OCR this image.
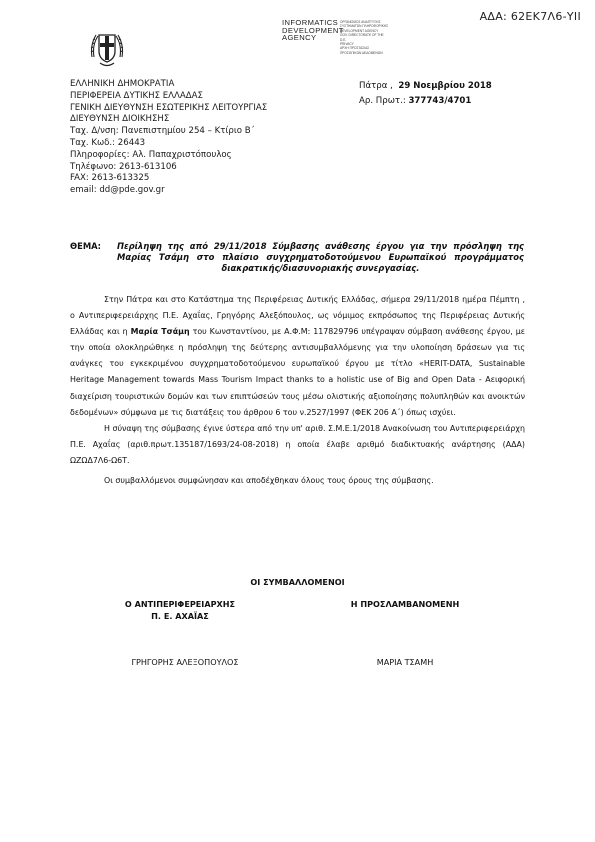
ΑΔΑ: 62ΕΚ7Λ6-ΥΙΙ
INFORMATICS
DEVELOPMENT
AGENCY
ΟΡΓΑΝΙΣΜΟΣ ΑΝΑΠΤΥΞΗΣ
ΣΥΣΤΗΜΑΤΩΝ ΠΛΗΡΟΦΟΡΙΚΗΣ
DEVELOPMENT AGENCY
GOV. DIRECTORATE OF THE
D.E.
PRIVACY
ΑΡΧΗ ΠΡΟΣΤΑΣΙΑΣ
ΠΡΟΣΩΠΙΚΩΝ ΔΕΔΟΜΕΝΩΝ
ΕΛΛΗΝΙΚΗ ΔΗΜΟΚΡΑΤΙΑ
ΠΕΡΙΦΕΡΕΙΑ ΔΥΤΙΚΗΣ ΕΛΛΑΔΑΣ
ΓΕΝΙΚΗ ΔΙΕΥΘΥΝΣΗ ΕΣΩΤΕΡΙΚΗΣ ΛΕΙΤΟΥΡΓΙΑΣ
ΔΙΕΥΘΥΝΣΗ ΔΙΟΙΚΗΣΗΣ
Ταχ. Δ/νση: Πανεπιστημίου 254 – Κτίριο Β΄
Ταχ. Κωδ.: 26443
Πληροφορίες: Αλ. Παπαχριστόπουλος
Τηλέφωνο: 2613-613106
FAX: 2613-613325
email: dd@pde.gov.gr
Πάτρα , 29 Νοεμβρίου 2018
Αρ. Πρωτ.: 377743/4701
ΘΕΜΑ: Περίληψη της από 29/11/2018 Σύμβασης ανάθεσης έργου για την πρόσληψη της Μαρίας Τσάμη στο πλαίσιο συγχρηματοδοτούμενου Ευρωπαϊκού προγράμματος διακρατικής/διασυνοριακής συνεργασίας.

Στην Πάτρα και στο Κατάστημα της Περιφέρειας Δυτικής Ελλάδας, σήμερα 29/11/2018 ημέρα Πέμπτη , ο Αντιπεριφερειάρχης Π.Ε. Αχαΐας, Γρηγόρης Αλεξόπουλος, ως νόμιμος εκπρόσωπος της Περιφέρειας Δυτικής Ελλάδας και η Μαρία Τσάμη του Κωνσταντίνου, με Α.Φ.Μ: 117829796 υπέγραψαν σύμβαση ανάθεσης έργου, με την οποία ολοκληρώθηκε η πρόσληψη της δεύτερης αντισυμβαλλόμενης για την υλοποίηση δράσεων για τις ανάγκες του εγκεκριμένου συγχρηματοδοτούμενου ευρωπαϊκού έργου με τίτλο «HERIT-DATA, Sustainable Heritage Management towards Mass Tourism Impact thanks to a holistic use of Big and Open Data - Αειφορική διαχείριση τουριστικών δομών και των επιπτώσεών τους μέσω ολιστικής αξιοποίησης πολυπληθών και ανοικτών δεδομένων» σύμφωνα με τις διατάξεις του άρθρου 6 του ν.2527/1997 (ΦΕΚ 206 Α΄) όπως ισχύει.

Η σύναψη της σύμβασης έγινε ύστερα από την υπ' αριθ. Σ.Μ.Ε.1/2018 Ανακοίνωση του Αντιπεριφερειάρχη Π.Ε. Αχαΐας (αριθ.πρωτ.135187/1693/24-08-2018) η οποία έλαβε αριθμό διαδικτυακής ανάρτησης (ΑΔΑ) ΩΖΩΔ7Λ6-Ω6Τ.

Οι συμβαλλόμενοι συμφώνησαν και αποδέχθηκαν όλους τους όρους της σύμβασης.

ΟΙ ΣΥΜΒΑΛΛΟΜΕΝΟΙ
Ο ΑΝΤΙΠΕΡΙΦΕΡΕΙΑΡΧΗΣ
Π. Ε. ΑΧΑΪΑΣ
Η ΠΡΟΣΛΑΜΒΑΝΟΜΕΝΗ
ΓΡΗΓΟΡΗΣ ΑΛΕΞΟΠΟΥΛΟΣ	ΜΑΡΙΑ ΤΣΑΜΗ
